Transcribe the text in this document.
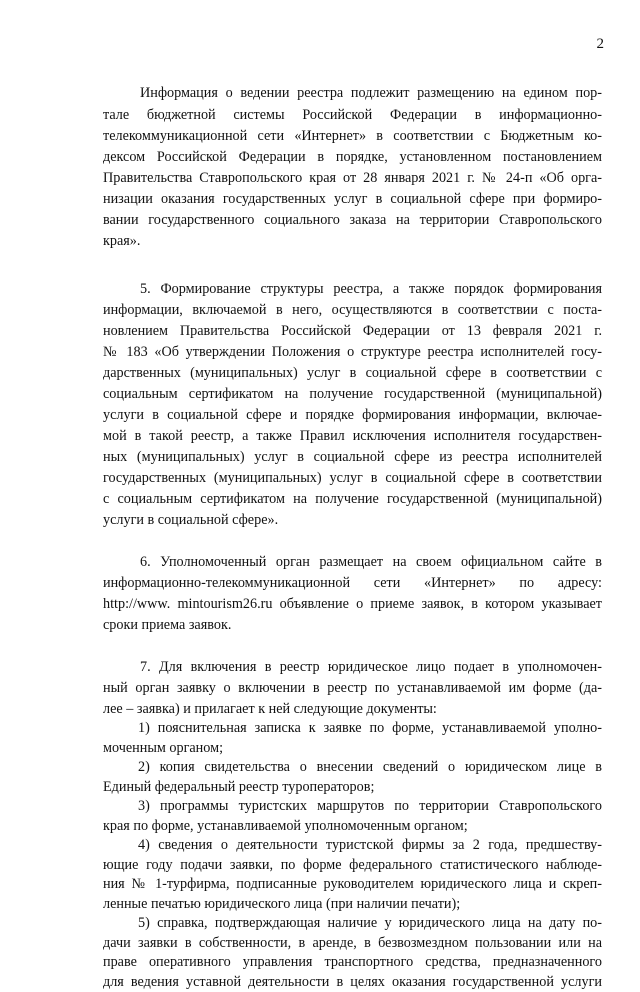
2
Информация о ведении реестра подлежит размещению на едином пор-
тале бюджетной системы Российской Федерации в информационно-
телекоммуникационной сети «Интернет» в соответствии с Бюджетным ко-
дексом Российской Федерации в порядке, установленном постановлением
Правительства Ставропольского края от 28 января 2021 г. № 24-п «Об орга-
низации оказания государственных услуг в социальной сфере при формиро-
вании государственного социального заказа на территории Ставропольского
края».
5. Формирование структуры реестра, а также порядок формирования
информации, включаемой в него, осуществляются в соответствии с поста-
новлением Правительства Российской Федерации от 13 февраля 2021 г.
№ 183 «Об утверждении Положения о структуре реестра исполнителей госу-
дарственных (муниципальных) услуг в социальной сфере в соответствии с
социальным сертификатом на получение государственной (муниципальной)
услуги в социальной сфере и порядке формирования информации, включае-
мой в такой реестр, а также Правил исключения исполнителя государствен-
ных (муниципальных) услуг в социальной сфере из реестра исполнителей
государственных (муниципальных) услуг в социальной сфере в соответствии
с социальным сертификатом на получение государственной (муниципальной)
услуги в социальной сфере».
6. Уполномоченный орган размещает на своем официальном сайте в
информационно-телекоммуникационной сети «Интернет» по адресу:
http://www. mintourism26.ru объявление о приеме заявок, в котором указывает
сроки приема заявок.
7. Для включения в реестр юридическое лицо подает в уполномочен-
ный орган заявку о включении в реестр по устанавливаемой им форме (да-
лее – заявка) и прилагает к ней следующие документы:
1) пояснительная записка к заявке по форме, устанавливаемой уполно-
моченным органом;
2) копия свидетельства о внесении сведений о юридическом лице в
Единый федеральный реестр туроператоров;
3) программы туристских маршрутов по территории Ставропольского
края по форме, устанавливаемой уполномоченным органом;
4) сведения о деятельности туристской фирмы за 2 года, предшеству-
ющие году подачи заявки, по форме федерального статистического наблюде-
ния № 1-турфирма, подписанные руководителем юридического лица и скреп-
ленные печатью юридического лица (при наличии печати);
5) справка, подтверждающая наличие у юридического лица на дату по-
дачи заявки в собственности, в аренде, в безвозмездном пользовании или на
праве оперативного управления транспортного средства, предназначенного
для ведения уставной деятельности в целях оказания государственной услуги
